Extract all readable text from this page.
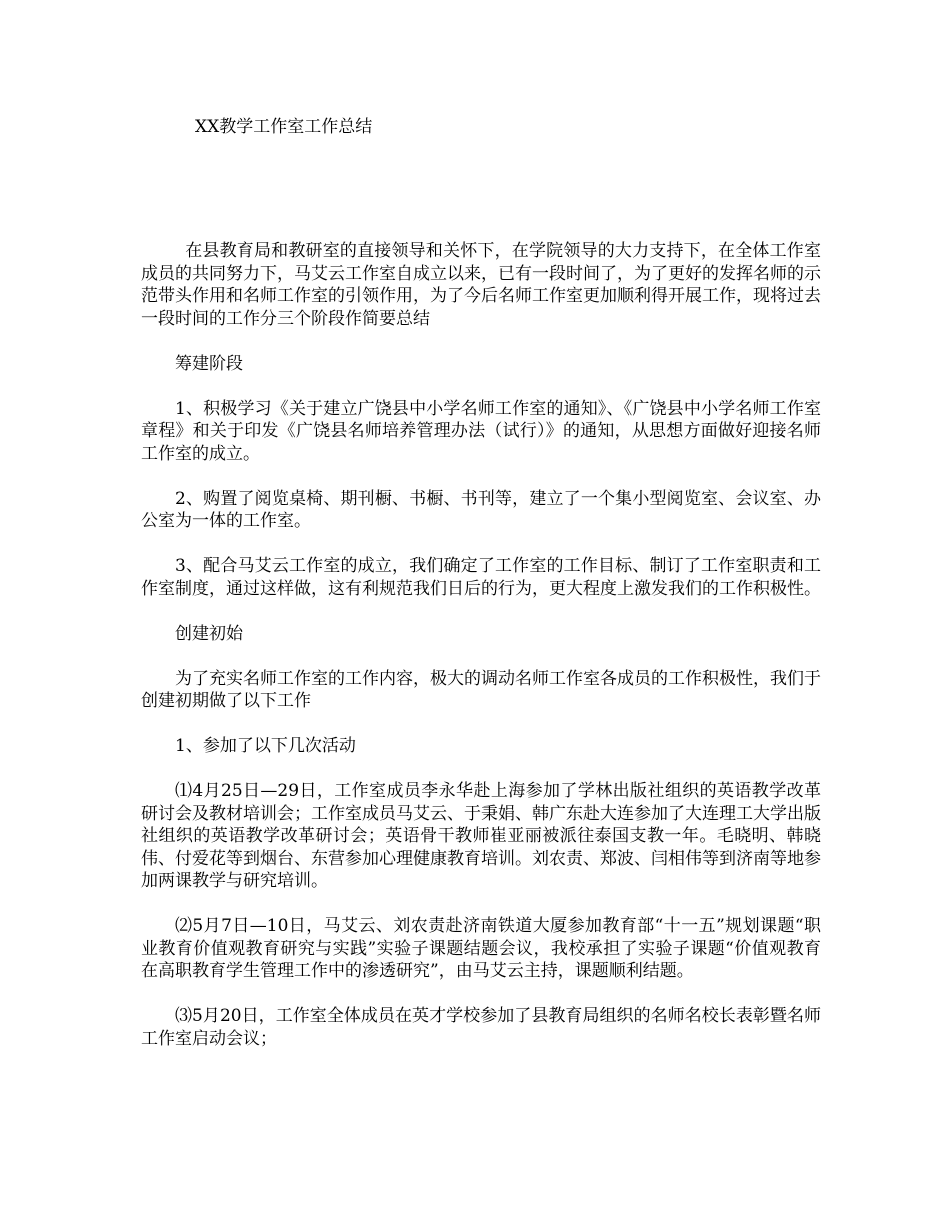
XX教学工作室工作总结

在县教育局和教研室的直接领导和关怀下，在学院领导的大力支持下，在全体工作室成员的共同努力下，马艾云工作室自成立以来，已有一段时间了，为了更好的发挥名师的示范带头作用和名师工作室的引领作用，为了今后名师工作室更加顺利得开展工作，现将过去一段时间的工作分三个阶段作简要总结

筹建阶段

1、积极学习《关于建立广饶县中小学名师工作室的通知》、《广饶县中小学名师工作室章程》和关于印发《广饶县名师培养管理办法（试行）》的通知，从思想方面做好迎接名师工作室的成立。

2、购置了阅览桌椅、期刊橱、书橱、书刊等，建立了一个集小型阅览室、会议室、办公室为一体的工作室。

3、配合马艾云工作室的成立，我们确定了工作室的工作目标、制订了工作室职责和工作室制度，通过这样做，这有利规范我们日后的行为，更大程度上激发我们的工作积极性。

创建初始

为了充实名师工作室的工作内容，极大的调动名师工作室各成员的工作积极性，我们于创建初期做了以下工作

1、参加了以下几次活动

⑴4月25日—29日，工作室成员李永华赴上海参加了学林出版社组织的英语教学改革研讨会及教材培训会；工作室成员马艾云、于秉娟、韩广东赴大连参加了大连理工大学出版社组织的英语教学改革研讨会；英语骨干教师崔亚丽被派往泰国支教一年。毛晓明、韩晓伟、付爱花等到烟台、东营参加心理健康教育培训。刘农责、郑波、闫相伟等到济南等地参加两课教学与研究培训。

⑵5月7日—10日，马艾云、刘农责赴济南铁道大厦参加教育部“十一五”规划课题“职业教育价值观教育研究与实践”实验子课题结题会议，我校承担了实验子课题“价值观教育在高职教育学生管理工作中的渗透研究”，由马艾云主持，课题顺利结题。

⑶5月20日，工作室全体成员在英才学校参加了县教育局组织的名师名校长表彰暨名师工作室启动会议；
